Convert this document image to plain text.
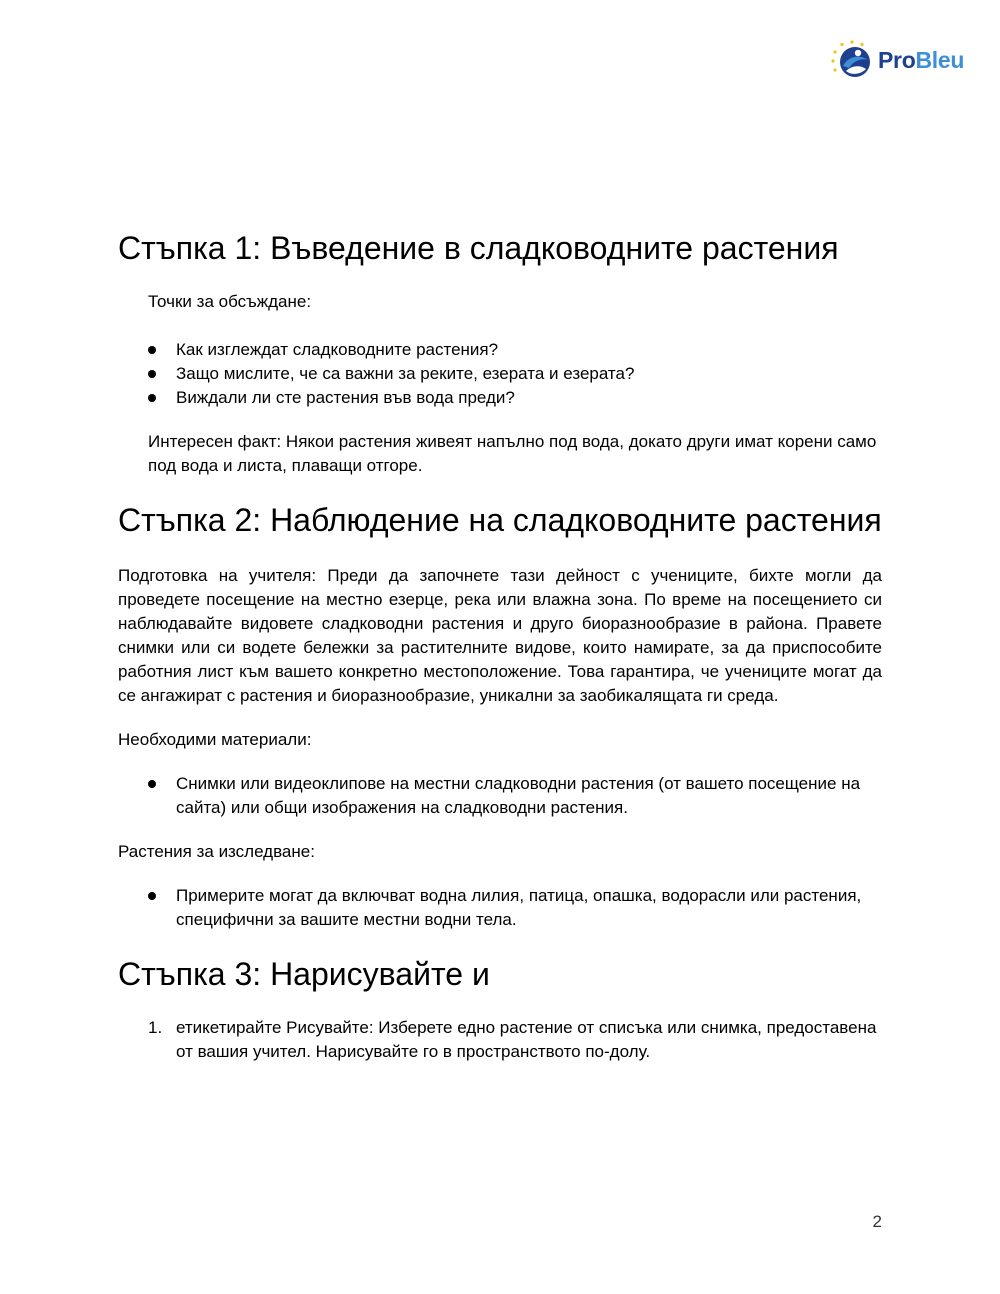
ProBleu
Стъпка 1: Въведение в сладководните растения

Точки за обсъждане:

Как изглеждат сладководните растения?
Защо мислите, че са важни за реките, езерата и езерата?
Виждали ли сте растения във вода преди?

Интересен факт: Някои растения живеят напълно под вода, докато други имат корени само под вода и листа, плаващи отгоре.

Стъпка 2: Наблюдение на сладководните растения

Подготовка на учителя: Преди да започнете тази дейност с учениците, бихте могли да проведете посещение на местно езерце, река или влажна зона. По време на посещението си наблюдавайте видовете сладководни растения и друго биоразнообразие в района. Правете снимки или си водете бележки за растителните видове, които намирате, за да приспособите работния лист към вашето конкретно местоположение. Това гарантира, че учениците могат да се ангажират с растения и биоразнообразие, уникални за заобикалящата ги среда.

Необходими материали:

Снимки или видеоклипове на местни сладководни растения (от вашето посещение на сайта) или общи изображения на сладководни растения.

Растения за изследване:

Примерите могат да включват водна лилия, патица, опашка, водорасли или растения, специфични за вашите местни водни тела.
Стъпка 3: Нарисувайте и
1. етикетирайте Рисувайте: Изберете едно растение от списъка или снимка, предоставена от вашия учител. Нарисувайте го в пространството по-долу.
2
